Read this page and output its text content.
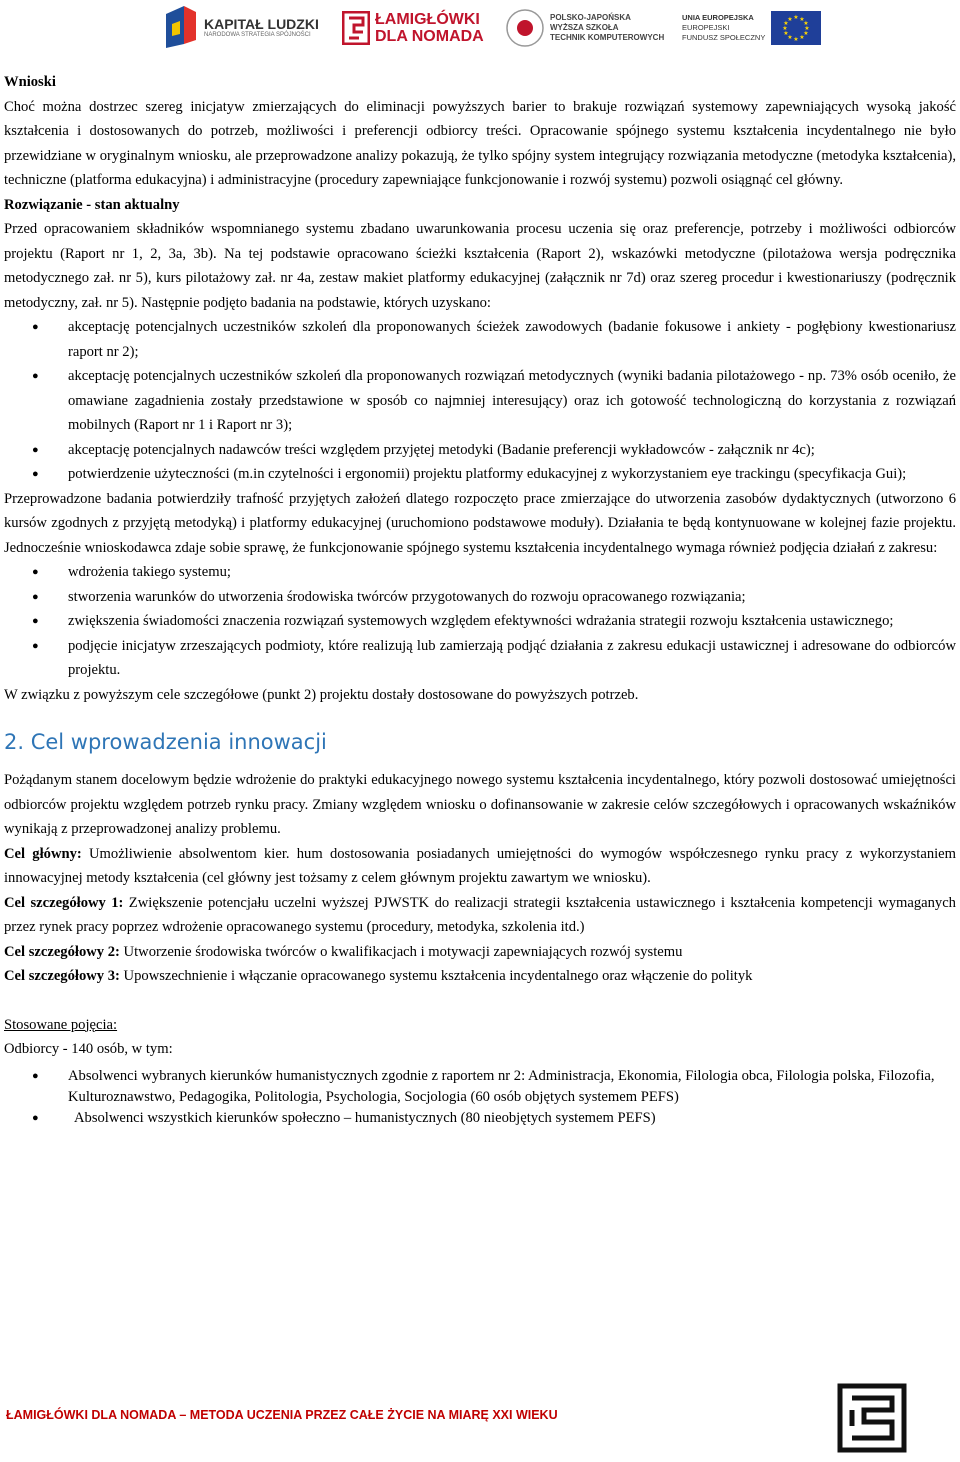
KAPITAŁ LUDZKI
NARODOWA STRATEGIA SPÓJNOŚCI
ŁAMIGŁÓWKI
DLA NOMADA
POLSKO-JAPOŃSKA
WYŻSZA SZKOŁA
TECHNIK KOMPUTEROWYCH
UNIA EUROPEJSKA
EUROPEJSKI
FUNDUSZ SPOŁECZNY
★ ★
★
★
★
★
★
★
★
★
★
★

Wnioski

Choć można dostrzec szereg inicjatyw zmierzających do eliminacji powyższych barier to brakuje rozwiązań systemowy zapewniających wysoką jakość kształcenia i dostosowanych do potrzeb, możliwości i preferencji odbiorcy treści. Opracowanie spójnego systemu kształcenia incydentalnego nie było przewidziane w oryginalnym wniosku, ale przeprowadzone analizy pokazują, że tylko spójny system integrujący rozwiązania metodyczne (metodyka kształcenia), techniczne (platforma edukacyjna) i administracyjne (procedury zapewniające funkcjonowanie i rozwój systemu) pozwoli osiągnąć cel główny.

Rozwiązanie - stan aktualny

Przed opracowaniem składników wspomnianego systemu zbadano uwarunkowania procesu uczenia się oraz preferencje, potrzeby i możliwości odbiorców projektu (Raport nr 1, 2, 3a, 3b). Na tej podstawie opracowano ścieżki kształcenia (Raport 2), wskazówki metodyczne (pilotażowa wersja podręcznika metodycznego zał. nr 5), kurs pilotażowy zał. nr 4a, zestaw makiet platformy edukacyjnej (załącznik nr 7d) oraz szereg procedur i kwestionariuszy (podręcznik metodyczny, zał. nr 5). Następnie podjęto badania na podstawie, których uzyskano:

● akceptację potencjalnych uczestników szkoleń dla proponowanych ścieżek zawodowych (badanie fokusowe i ankiety - pogłębiony kwestionariusz raport nr 2);
● akceptację potencjalnych uczestników szkoleń dla proponowanych rozwiązań metodycznych (wyniki badania pilotażowego - np. 73% osób oceniło, że omawiane zagadnienia zostały przedstawione w sposób co najmniej interesujący) oraz ich gotowość technologiczną do korzystania z rozwiązań mobilnych (Raport nr 1 i Raport nr 3);
● akceptację potencjalnych nadawców treści względem przyjętej metodyki (Badanie preferencji wykładowców - załącznik nr 4c);
● potwierdzenie użyteczności (m.in czytelności i ergonomii) projektu platformy edukacyjnej z wykorzystaniem eye trackingu (specyfikacja Gui);

Przeprowadzone badania potwierdziły trafność przyjętych założeń dlatego rozpoczęto prace zmierzające do utworzenia zasobów dydaktycznych (utworzono 6 kursów zgodnych z przyjętą metodyką) i platformy edukacyjnej (uruchomiono podstawowe moduły). Działania te będą kontynuowane w kolejnej fazie projektu. Jednocześnie wnioskodawca zdaje sobie sprawę, że funkcjonowanie spójnego systemu kształcenia incydentalnego wymaga również podjęcia działań z zakresu:

● wdrożenia takiego systemu;
● stworzenia warunków do utworzenia środowiska twórców przygotowanych do rozwoju opracowanego rozwiązania;
● zwiększenia świadomości znaczenia rozwiązań systemowych względem efektywności wdrażania strategii rozwoju kształcenia ustawicznego;
● podjęcie inicjatyw zrzeszających podmioty, które realizują lub zamierzają podjąć działania z zakresu edukacji ustawicznej i adresowane do odbiorców projektu.

W związku z powyższym cele szczegółowe (punkt 2) projektu dostały dostosowane do powyższych potrzeb.

2. Cel wprowadzenia innowacji

Pożądanym stanem docelowym będzie wdrożenie do praktyki edukacyjnego nowego systemu kształcenia incydentalnego, który pozwoli dostosować umiejętności odbiorców projektu względem potrzeb rynku pracy. Zmiany względem wniosku o dofinansowanie w zakresie celów szczegółowych i opracowanych wskaźników wynikają z przeprowadzonej analizy problemu.

Cel główny: Umożliwienie absolwentom kier. hum dostosowania posiadanych umiejętności do wymogów współczesnego rynku pracy z wykorzystaniem innowacyjnej metody kształcenia (cel główny jest tożsamy z celem głównym projektu zawartym we wniosku).

Cel szczegółowy 1: Zwiększenie potencjału uczelni wyższej PJWSTK do realizacji strategii kształcenia ustawicznego i kształcenia kompetencji wymaganych przez rynek pracy poprzez wdrożenie opracowanego systemu (procedury, metodyka, szkolenia itd.)

Cel szczegółowy 2: Utworzenie środowiska twórców o kwalifikacjach i motywacji zapewniających rozwój systemu

Cel szczegółowy 3: Upowszechnienie i włączanie opracowanego systemu kształcenia incydentalnego oraz włączenie do polityk

Stosowane pojęcia:

Odbiorcy - 140 osób, w tym:

● Absolwenci wybranych kierunków humanistycznych zgodnie z raportem nr 2: Administracja, Ekonomia, Filologia obca, Filologia polska, Filozofia, Kulturoznawstwo, Pedagogika, Politologia, Psychologia, Socjologia (60 osób objętych systemem PEFS)
● Absolwenci wszystkich kierunków społeczno – humanistycznych (80 nieobjętych systemem PEFS)
ŁAMIGŁÓWKI DLA NOMADA – METODA UCZENIA PRZEZ CAŁE ŻYCIE NA MIARĘ XXI WIEKU
